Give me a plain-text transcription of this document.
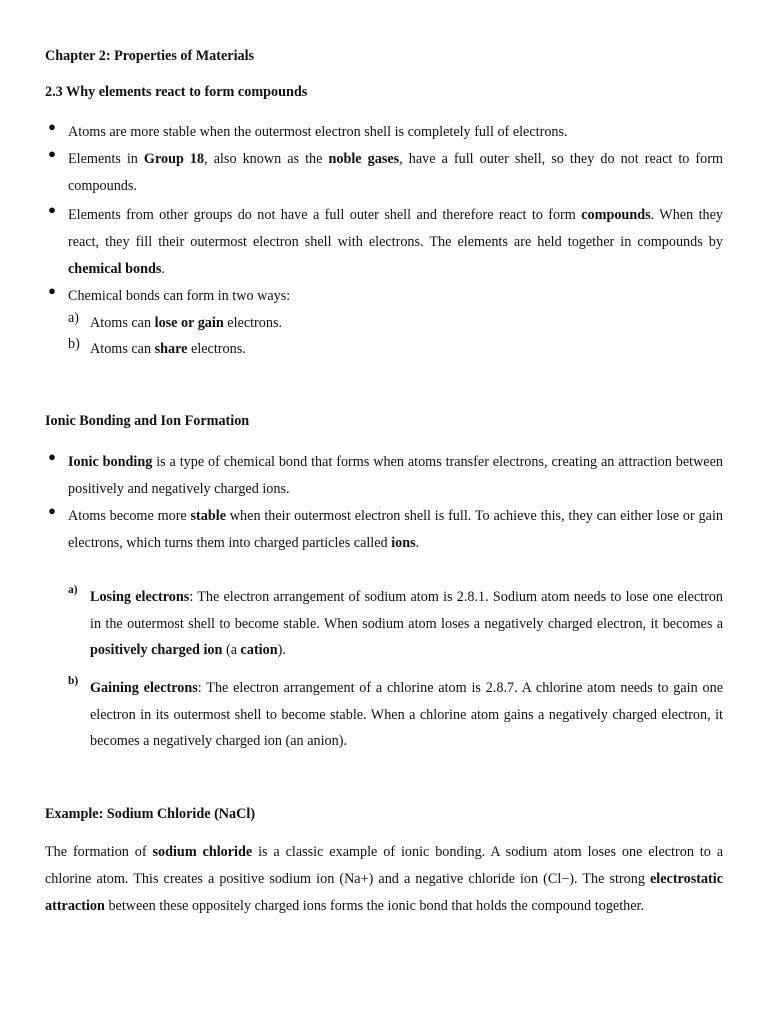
Chapter 2: Properties of Materials
2.3 Why elements react to form compounds
● Atoms are more stable when the outermost electron shell is completely full of electrons.
● Elements in Group 18, also known as the noble gases, have a full outer shell, so they do not react to form compounds.
● Elements from other groups do not have a full outer shell and therefore react to form compounds. When they react, they fill their outermost electron shell with electrons. The elements are held together in compounds by chemical bonds.
● Chemical bonds can form in two ways:
a) Atoms can lose or gain electrons.
b) Atoms can share electrons.
Ionic Bonding and Ion Formation
● Ionic bonding is a type of chemical bond that forms when atoms transfer electrons, creating an attraction between positively and negatively charged ions.
● Atoms become more stable when their outermost electron shell is full. To achieve this, they can either lose or gain electrons, which turns them into charged particles called ions.
a) Losing electrons: The electron arrangement of sodium atom is 2.8.1. Sodium atom needs to lose one electron in the outermost shell to become stable. When sodium atom loses a negatively charged electron, it becomes a positively charged ion (a cation).
b) Gaining electrons: The electron arrangement of a chlorine atom is 2.8.7. A chlorine atom needs to gain one electron in its outermost shell to become stable. When a chlorine atom gains a negatively charged electron, it becomes a negatively charged ion (an anion).
Example: Sodium Chloride (NaCl)

The formation of sodium chloride is a classic example of ionic bonding. A sodium atom loses one electron to a chlorine atom. This creates a positive sodium ion (Na+) and a negative chloride ion (Cl−). The strong electrostatic attraction between these oppositely charged ions forms the ionic bond that holds the compound together.
